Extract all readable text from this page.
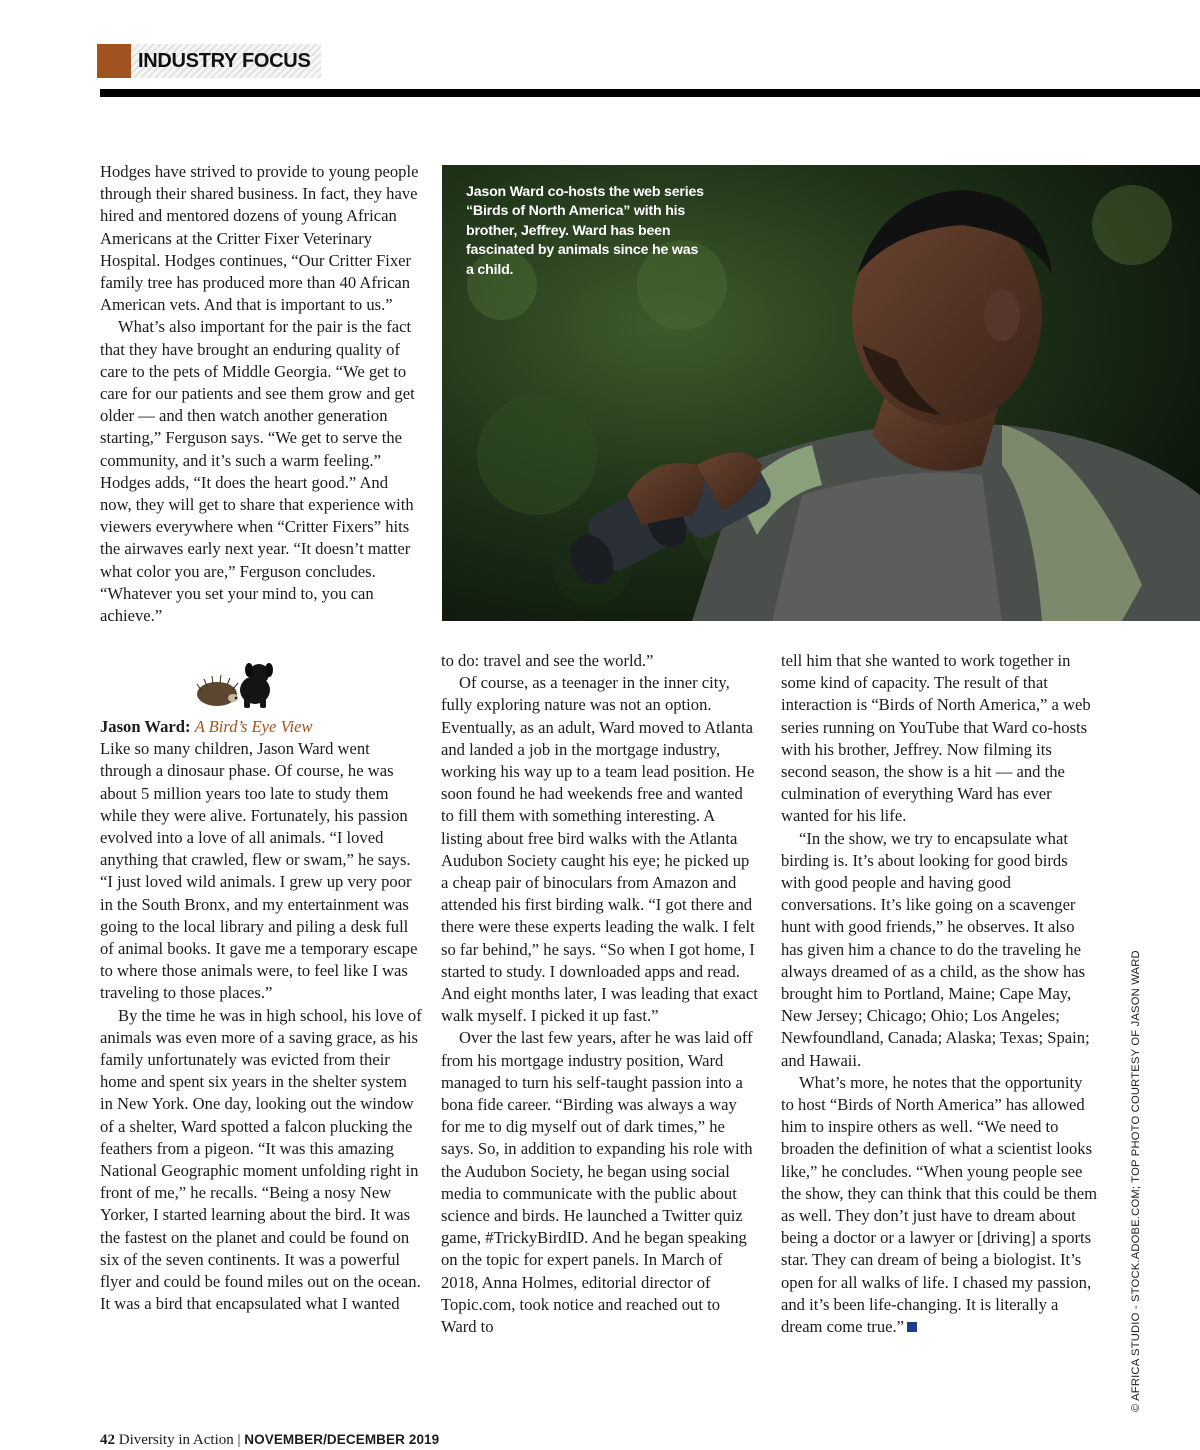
INDUSTRY FOCUS

Hodges have strived to provide to young people through their shared business. In fact, they have hired and mentored dozens of young African Americans at the Critter Fixer Veterinary Hospital. Hodges continues, “Our Critter Fixer family tree has produced more than 40 African American vets. And that is important to us.”

What’s also important for the pair is the fact that they have brought an enduring quality of care to the pets of Middle Georgia. “We get to care for our patients and see them grow and get older — and then watch another generation starting,” Ferguson says. “We get to serve the community, and it’s such a warm feeling.” Hodges adds, “It does the heart good.” And now, they will get to share that experience with viewers everywhere when “Critter Fixers” hits the airwaves early next year. “It doesn’t matter what color you are,” Ferguson concludes. “Whatever you set your mind to, you can achieve.”

Jason Ward: A Bird’s Eye View

Like so many children, Jason Ward went through a dinosaur phase. Of course, he was about 5 million years too late to study them while they were alive. Fortunately, his passion evolved into a love of all animals. “I loved anything that crawled, flew or swam,” he says. “I just loved wild animals. I grew up very poor in the South Bronx, and my entertainment was going to the local library and piling a desk full of animal books. It gave me a temporary escape to where those animals were, to feel like I was traveling to those places.”

By the time he was in high school, his love of animals was even more of a saving grace, as his family unfortunately was evicted from their home and spent six years in the shelter system in New York. One day, looking out the window of a shelter, Ward spotted a falcon plucking the feathers from a pigeon. “It was this amazing National Geographic moment unfolding right in front of me,” he recalls. “Being a nosy New Yorker, I started learning about the bird. It was the fastest on the planet and could be found on six of the seven continents. It was a powerful flyer and could be found miles out on the ocean. It was a bird that encapsulated what I wanted

Jason Ward co-hosts the web series “Birds of North America” with his brother, Jeffrey. Ward has been fascinated by animals since he was a child.

to do: travel and see the world.”

Of course, as a teenager in the inner city, fully exploring nature was not an option. Eventually, as an adult, Ward moved to Atlanta and landed a job in the mortgage industry, working his way up to a team lead position. He soon found he had weekends free and wanted to fill them with something interesting. A listing about free bird walks with the Atlanta Audubon Society caught his eye; he picked up a cheap pair of binoculars from Amazon and attended his first birding walk. “I got there and there were these experts leading the walk. I felt so far behind,” he says. “So when I got home, I started to study. I downloaded apps and read. And eight months later, I was leading that exact walk myself. I picked it up fast.”

Over the last few years, after he was laid off from his mortgage industry position, Ward managed to turn his self-taught passion into a bona fide career. “Birding was always a way for me to dig myself out of dark times,” he says. So, in addition to expanding his role with the Audubon Society, he began using social media to communicate with the public about science and birds. He launched a Twitter quiz game, #TrickyBirdID. And he began speaking on the topic for expert panels. In March of 2018, Anna Holmes, editorial director of Topic.com, took notice and reached out to Ward to

tell him that she wanted to work together in some kind of capacity. The result of that interaction is “Birds of North America,” a web series running on YouTube that Ward co-hosts with his brother, Jeffrey. Now filming its second season, the show is a hit — and the culmination of everything Ward has ever wanted for his life.

“In the show, we try to encapsulate what birding is. It’s about looking for good birds with good people and having good conversations. It’s like going on a scavenger hunt with good friends,” he observes. It also has given him a chance to do the traveling he always dreamed of as a child, as the show has brought him to Portland, Maine; Cape May, New Jersey; Chicago; Ohio; Los Angeles; Newfoundland, Canada; Alaska; Texas; Spain; and Hawaii.

What’s more, he notes that the opportunity to host “Birds of North America” has allowed him to inspire others as well. “We need to broaden the definition of what a scientist looks like,” he concludes. “When young people see the show, they can think that this could be them as well. They don’t just have to dream about being a doctor or a lawyer or [driving] a sports star. They can dream of being a biologist. It’s open for all walks of life. I chased my passion, and it’s been life-changing. It is literally a dream come true.”	© AFRICA STUDIO - STOCK.ADOBE.COM; TOP PHOTO COURTESY OF JASON WARD
42 Diversity in Action | NOVEMBER/DECEMBER 2019
